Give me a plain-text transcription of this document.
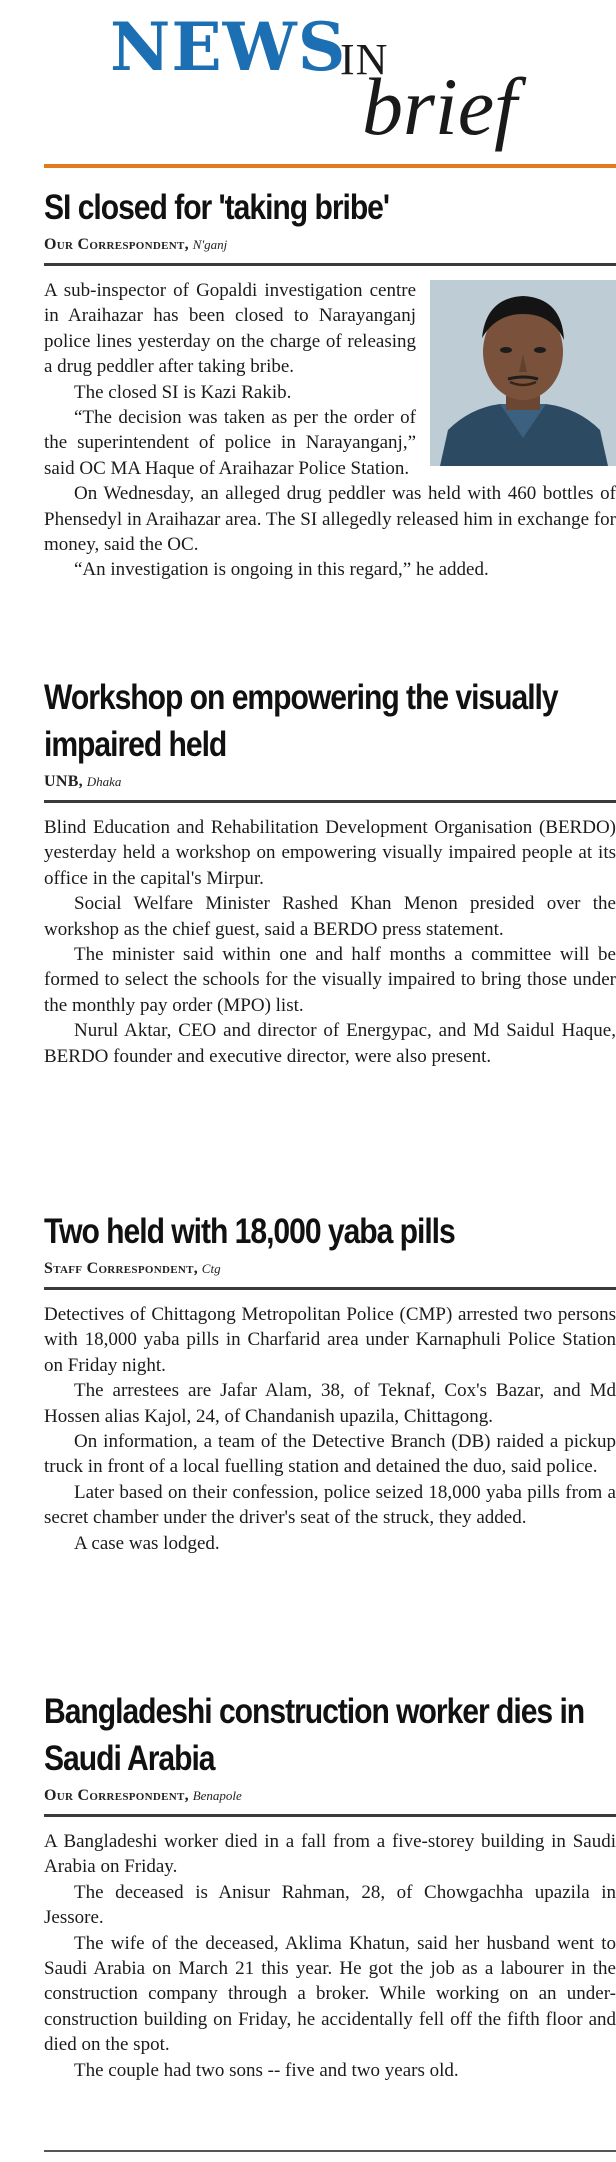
NEWS
IN
brief
SI closed for 'taking bribe'
Our Correspondent, N'ganj

A sub-inspector of Gopaldi investigation centre in Araihazar has been closed to Narayanganj police lines yesterday on the charge of releasing a drug peddler after taking bribe.

The closed SI is Kazi Rakib.

“The decision was taken as per the order of the superintendent of police in Narayanganj,” said OC MA Haque of Araihazar Police Station.

On Wednesday, an alleged drug peddler was held with 460 bottles of Phensedyl in Araihazar area. The SI allegedly released him in exchange for money, said the OC.

“An investigation is ongoing in this regard,” he added.

Workshop on empowering the visually impaired held
UNB, Dhaka

Blind Education and Rehabilitation Development Organisation (BERDO) yesterday held a workshop on empowering visually impaired people at its office in the capital's Mirpur.

Social Welfare Minister Rashed Khan Menon presided over the workshop as the chief guest, said a BERDO press statement.

The minister said within one and half months a committee will be formed to select the schools for the visually impaired to bring those under the monthly pay order (MPO) list.

Nurul Aktar, CEO and director of Energypac, and Md Saidul Haque, BERDO founder and executive director, were also present.

Two held with 18,000 yaba pills
Staff Correspondent, Ctg

Detectives of Chittagong Metropolitan Police (CMP) arrested two persons with 18,000 yaba pills in Charfarid area under Karnaphuli Police Station on Friday night.

The arrestees are Jafar Alam, 38, of Teknaf, Cox's Bazar, and Md Hossen alias Kajol, 24, of Chandanish upazila, Chittagong.

On information, a team of the Detective Branch (DB) raided a pickup truck in front of a local fuelling station and detained the duo, said police.

Later based on their confession, police seized 18,000 yaba pills from a secret chamber under the driver's seat of the struck, they added.

A case was lodged.

Bangladeshi construction worker dies in Saudi Arabia
Our Correspondent, Benapole

A Bangladeshi worker died in a fall from a five-storey building in Saudi Arabia on Friday.

The deceased is Anisur Rahman, 28, of Chowgachha upazila in Jessore.

The wife of the deceased, Aklima Khatun, said her husband went to Saudi Arabia on March 21 this year. He got the job as a labourer in the construction company through a broker. While working on an under-construction building on Friday, he accidentally fell off the fifth floor and died on the spot.

The couple had two sons -- five and two years old.
